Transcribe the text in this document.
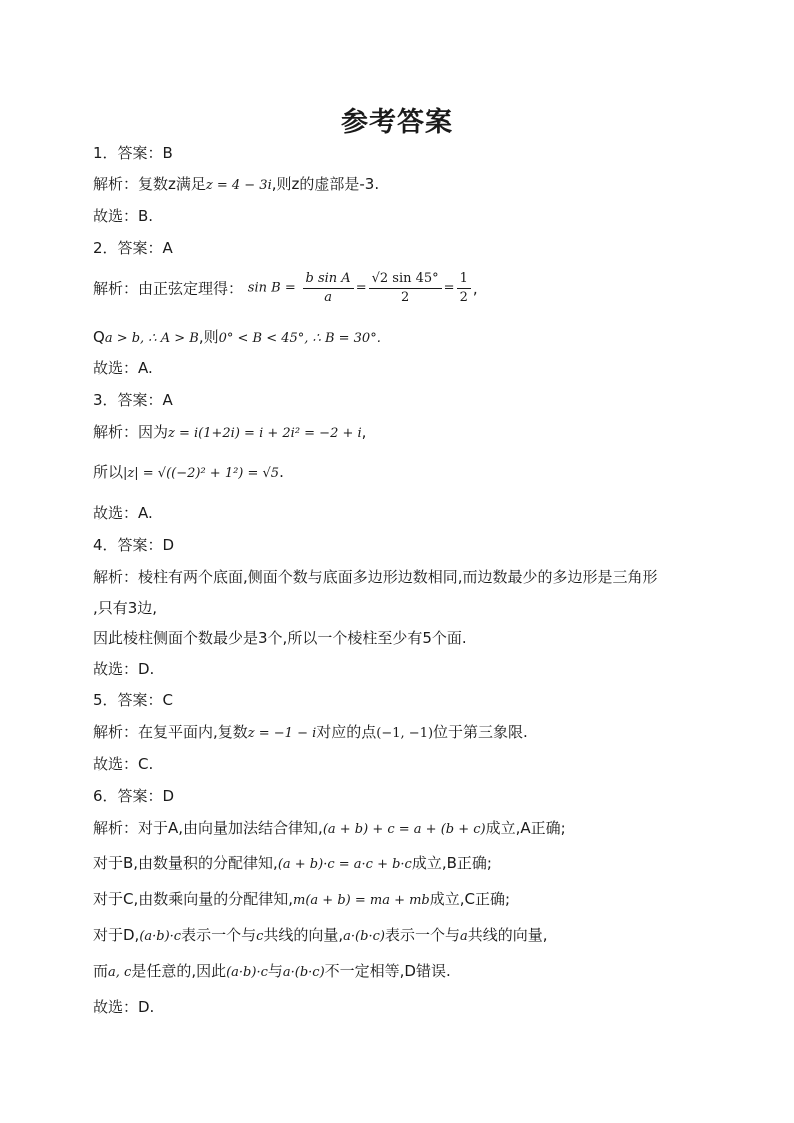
参考答案
1．答案：B
解析：复数z满足z = 4 − 3i,则z的虚部是-3.
故选：B.
2．答案：A
解析：由正弦定理得： $\sin B = \frac{\text{b sin A}}{a} = \frac{√2 \sin 45^\circ}{2} = \frac{1}{2}$ ,
Qa > b, ∴ A > B,则0° < B < 45°, ∴ B = 30°.
故选：A.
3．答案：A
解析：因为z = i(1+2i) = i + 2i² = −2 + i,
所以|z| = √((−2)² + 1²) = √5.
故选：A.
4．答案：D
解析：棱柱有两个底面,侧面个数与底面多边形边数相同,而边数最少的多边形是三角形
,只有3边,
因此棱柱侧面个数最少是3个,所以一个棱柱至少有5个面.
故选：D.
5．答案：C
解析：在复平面内,复数z = −1 − i对应的点(−1, −1)位于第三象限.
故选：C.
6．答案：D
解析：对于A,由向量加法结合律知,(a + b) + c = a + (b + c)成立,A正确;
对于B,由数量积的分配律知,(a + b)·c = a·c + b·c成立,B正确;
对于C,由数乘向量的分配律知,m(a + b) = ma + mb成立,C正确;
对于D,(a·b)·c表示一个与c共线的向量,a·(b·c)表示一个与a共线的向量,
而a, c是任意的,因此(a·b)·c与a·(b·c)不一定相等,D错误.
故选：D.
